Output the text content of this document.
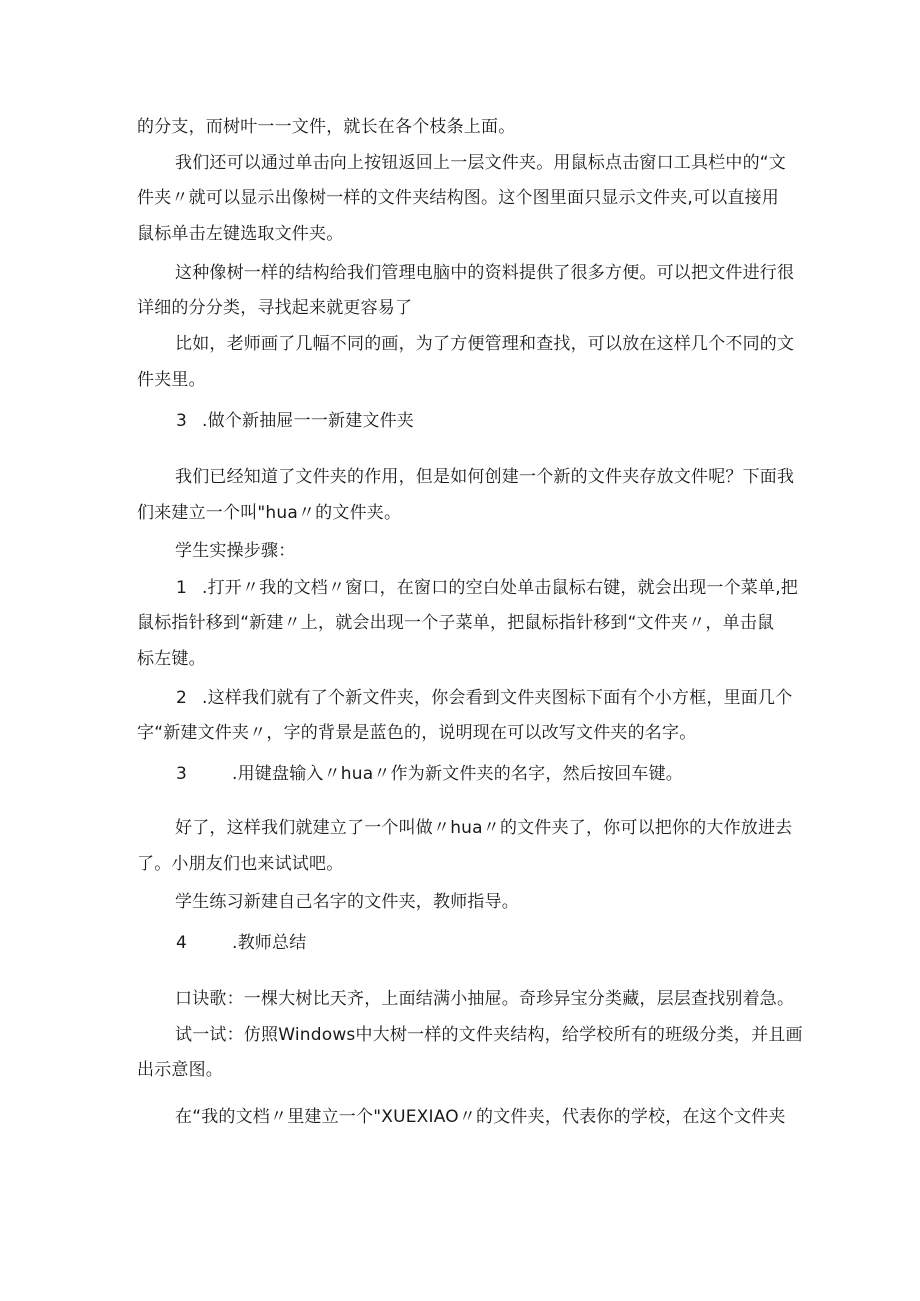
的分支，而树叶一一文件，就长在各个枝条上面。
我们还可以通过单击向上按钮返回上一层文件夹。用鼠标点击窗口工具栏中的“文
件夹〃就可以显示出像树一样的文件夹结构图。这个图里面只显示文件夹,可以直接用
鼠标单击左键选取文件夹。
这种像树一样的结构给我们管理电脑中的资料提供了很多方便。可以把文件进行很
详细的分分类，寻找起来就更容易了
比如，老师画了几幅不同的画，为了方便管理和查找，可以放在这样几个不同的文
件夹里。
3 .做个新抽屉一一新建文件夹
我们已经知道了文件夹的作用，但是如何创建一个新的文件夹存放文件呢？下面我
们来建立一个叫"hua〃的文件夹。
学生实操步骤：
1 .打开〃我的文档〃窗口，在窗口的空白处单击鼠标右键，就会出现一个菜单,把
鼠标指针移到“新建〃上，就会出现一个子菜单，把鼠标指针移到“文件夹〃，单击鼠
标左键。
2 .这样我们就有了个新文件夹，你会看到文件夹图标下面有个小方框，里面几个
字“新建文件夹〃，字的背景是蓝色的，说明现在可以改写文件夹的名字。
3	.用键盘输入〃hua〃作为新文件夹的名字，然后按回车键。
好了，这样我们就建立了一个叫做〃hua〃的文件夹了，你可以把你的大作放进去
了。小朋友们也来试试吧。
学生练习新建自己名字的文件夹，教师指导。
4	.教师总结
口诀歌：一棵大树比天齐，上面结满小抽屉。奇珍异宝分类藏，层层查找别着急。
试一试：仿照Windows中大树一样的文件夹结构，给学校所有的班级分类，并且画
出示意图。
在“我的文档〃里建立一个"XUEXIAO〃的文件夹，代表你的学校，在这个文件夹
